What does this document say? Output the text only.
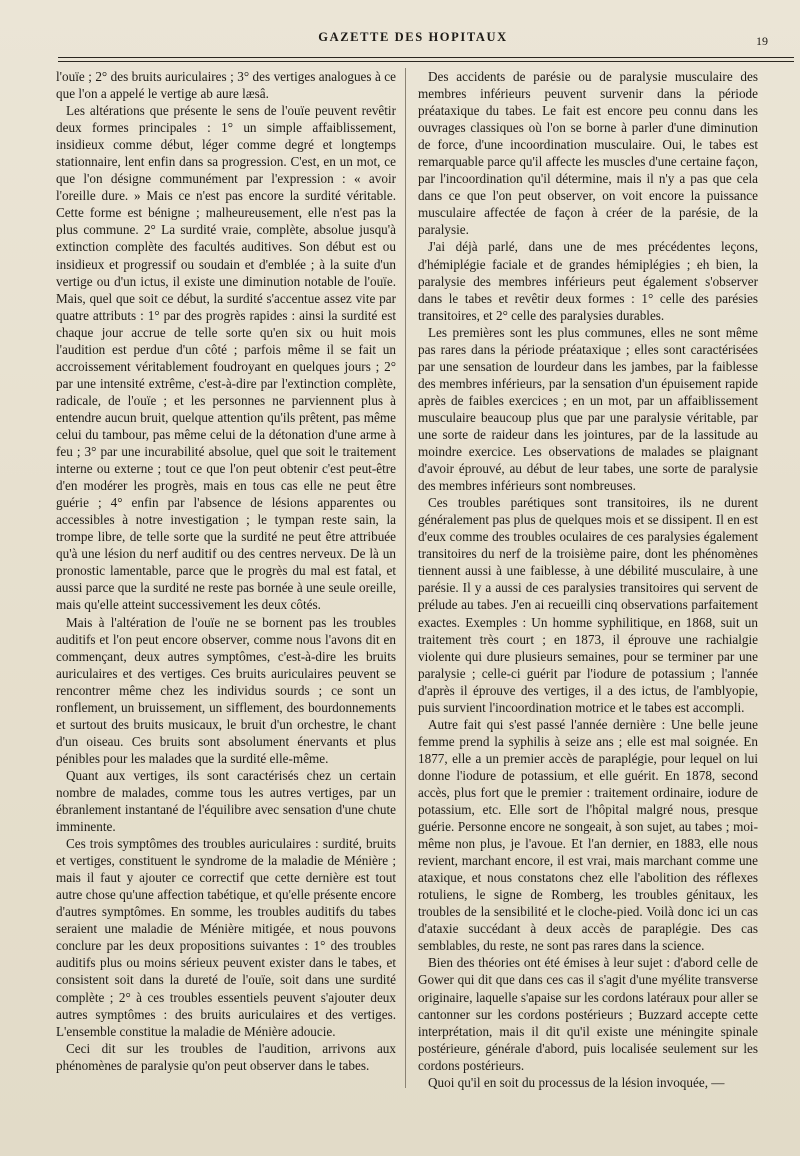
GAZETTE DES HOPITAUX	19

l'ouïe ; 2° des bruits auriculaires ; 3° des vertiges analogues à ce que l'on a appelé le vertige ab aure læsâ.

Les altérations que présente le sens de l'ouïe peuvent revêtir deux formes principales : 1° un simple affaiblissement, insidieux comme début, léger comme degré et longtemps stationnaire, lent enfin dans sa progression. C'est, en un mot, ce que l'on désigne communément par l'expression : « avoir l'oreille dure. » Mais ce n'est pas encore la surdité véritable. Cette forme est bénigne ; malheureusement, elle n'est pas la plus commune. 2° La surdité vraie, complète, absolue jusqu'à extinction complète des facultés auditives. Son début est ou insidieux et progressif ou soudain et d'emblée ; à la suite d'un vertige ou d'un ictus, il existe une diminution notable de l'ouïe. Mais, quel que soit ce début, la surdité s'accentue assez vite par quatre attributs : 1° par des progrès rapides : ainsi la surdité est chaque jour accrue de telle sorte qu'en six ou huit mois l'audition est perdue d'un côté ; parfois même il se fait un accroissement véritablement foudroyant en quelques jours ; 2° par une intensité extrême, c'est-à-dire par l'extinction complète, radicale, de l'ouïe ; et les personnes ne parviennent plus à entendre aucun bruit, quelque attention qu'ils prêtent, pas même celui du tambour, pas même celui de la détonation d'une arme à feu ; 3° par une incurabilité absolue, quel que soit le traitement interne ou externe ; tout ce que l'on peut obtenir c'est peut-être d'en modérer les progrès, mais en tous cas elle ne peut être guérie ; 4° enfin par l'absence de lésions apparentes ou accessibles à notre investigation ; le tympan reste sain, la trompe libre, de telle sorte que la surdité ne peut être attribuée qu'à une lésion du nerf auditif ou des centres nerveux. De là un pronostic lamentable, parce que le progrès du mal est fatal, et aussi parce que la surdité ne reste pas bornée à une seule oreille, mais qu'elle atteint successivement les deux côtés.

Mais à l'altération de l'ouïe ne se bornent pas les troubles auditifs et l'on peut encore observer, comme nous l'avons dit en commençant, deux autres symptômes, c'est-à-dire les bruits auriculaires et des vertiges. Ces bruits auriculaires peuvent se rencontrer même chez les individus sourds ; ce sont un ronflement, un bruissement, un sifflement, des bourdonnements et surtout des bruits musicaux, le bruit d'un orchestre, le chant d'un oiseau. Ces bruits sont absolument énervants et plus pénibles pour les malades que la surdité elle-même.

Quant aux vertiges, ils sont caractérisés chez un certain nombre de malades, comme tous les autres vertiges, par un ébranlement instantané de l'équilibre avec sensation d'une chute imminente.

Ces trois symptômes des troubles auriculaires : surdité, bruits et vertiges, constituent le syndrome de la maladie de Ménière ; mais il faut y ajouter ce correctif que cette dernière est tout autre chose qu'une affection tabétique, et qu'elle présente encore d'autres symptômes. En somme, les troubles auditifs du tabes seraient une maladie de Ménière mitigée, et nous pouvons conclure par les deux propositions suivantes : 1° des troubles auditifs plus ou moins sérieux peuvent exister dans le tabes, et consistent soit dans la dureté de l'ouïe, soit dans une surdité complète ; 2° à ces troubles essentiels peuvent s'ajouter deux autres symptômes : des bruits auriculaires et des vertiges. L'ensemble constitue la maladie de Ménière adoucie.

Ceci dit sur les troubles de l'audition, arrivons aux phénomènes de paralysie qu'on peut observer dans le tabes.

Des accidents de parésie ou de paralysie musculaire des membres inférieurs peuvent survenir dans la période préataxique du tabes. Le fait est encore peu connu dans les ouvrages classiques où l'on se borne à parler d'une diminution de force, d'une incoordination musculaire. Oui, le tabes est remarquable parce qu'il affecte les muscles d'une certaine façon, par l'incoordination qu'il détermine, mais il n'y a pas que cela dans ce que l'on peut observer, on voit encore la puissance musculaire affectée de façon à créer de la parésie, de la paralysie.

J'ai déjà parlé, dans une de mes précédentes leçons, d'hémiplégie faciale et de grandes hémiplégies ; eh bien, la paralysie des membres inférieurs peut également s'observer dans le tabes et revêtir deux formes : 1° celle des parésies transitoires, et 2° celle des paralysies durables.

Les premières sont les plus communes, elles ne sont même pas rares dans la période préataxique ; elles sont caractérisées par une sensation de lourdeur dans les jambes, par la faiblesse des membres inférieurs, par la sensation d'un épuisement rapide après de faibles exercices ; en un mot, par un affaiblissement musculaire beaucoup plus que par une paralysie véritable, par une sorte de raideur dans les jointures, par de la lassitude au moindre exercice. Les observations de malades se plaignant d'avoir éprouvé, au début de leur tabes, une sorte de paralysie des membres inférieurs sont nombreuses.

Ces troubles parétiques sont transitoires, ils ne durent généralement pas plus de quelques mois et se dissipent. Il en est d'eux comme des troubles oculaires de ces paralysies également transitoires du nerf de la troisième paire, dont les phénomènes tiennent aussi à une faiblesse, à une débilité musculaire, à une parésie. Il y a aussi de ces paralysies transitoires qui servent de prélude au tabes. J'en ai recueilli cinq observations parfaitement exactes. Exemples : Un homme syphilitique, en 1868, suit un traitement très court ; en 1873, il éprouve une rachialgie violente qui dure plusieurs semaines, pour se terminer par une paralysie ; celle-ci guérit par l'iodure de potassium ; l'année d'après il éprouve des vertiges, il a des ictus, de l'amblyopie, puis survient l'incoordination motrice et le tabes est accompli.

Autre fait qui s'est passé l'année dernière : Une belle jeune femme prend la syphilis à seize ans ; elle est mal soignée. En 1877, elle a un premier accès de paraplégie, pour lequel on lui donne l'iodure de potassium, et elle guérit. En 1878, second accès, plus fort que le premier : traitement ordinaire, iodure de potassium, etc. Elle sort de l'hôpital malgré nous, presque guérie. Personne encore ne songeait, à son sujet, au tabes ; moi-même non plus, je l'avoue. Et l'an dernier, en 1883, elle nous revient, marchant encore, il est vrai, mais marchant comme une ataxique, et nous constatons chez elle l'abolition des réflexes rotuliens, le signe de Romberg, les troubles génitaux, les troubles de la sensibilité et le cloche-pied. Voilà donc ici un cas d'ataxie succédant à deux accès de paraplégie. Des cas semblables, du reste, ne sont pas rares dans la science.

Bien des théories ont été émises à leur sujet : d'abord celle de Gower qui dit que dans ces cas il s'agit d'une myélite transverse originaire, laquelle s'apaise sur les cordons latéraux pour aller se cantonner sur les cordons postérieurs ; Buzzard accepte cette interprétation, mais il dit qu'il existe une méningite spinale postérieure, générale d'abord, puis localisée seulement sur les cordons postérieurs.

Quoi qu'il en soit du processus de la lésion invoquée, —
